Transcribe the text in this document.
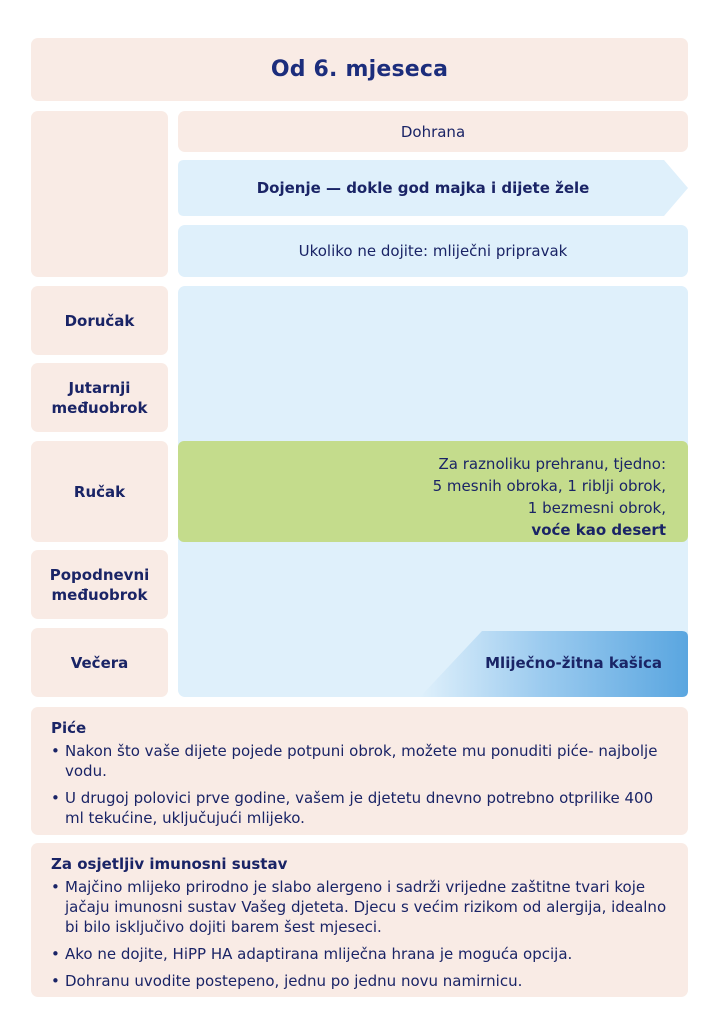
Od 6. mjeseca
Dohrana
Dojenje — dokle god majka i dijete žele
Ukoliko ne dojite: mliječni pripravak
Doručak
Jutarnji
međuobrok
Ručak
Popodnevni
međuobrok
Večera
Za raznoliku prehranu, tjedno:
5 mesnih obroka, 1 riblji obrok,
1 bezmesni obrok,
voće kao desert
Mliječno-žitna kašica
Piće
• Nakon što vaše dijete pojede potpuni obrok, možete mu ponuditi piće- najbolje vodu.
• U drugoj polovici prve godine, vašem je djetetu dnevno potrebno otprilike 400 ml tekućine, uključujući mlijeko.
Za osjetljiv imunosni sustav
• Majčino mlijeko prirodno je slabo alergeno i sadrži vrijedne zaštitne tvari koje jačaju imunosni sustav Vašeg djeteta. Djecu s većim rizikom od alergija, idealno bi bilo isključivo dojiti barem šest mjeseci.
• Ako ne dojite, HiPP HA adaptirana mliječna hrana je moguća opcija.
• Dohranu uvodite postepeno, jednu po jednu novu namirnicu.
